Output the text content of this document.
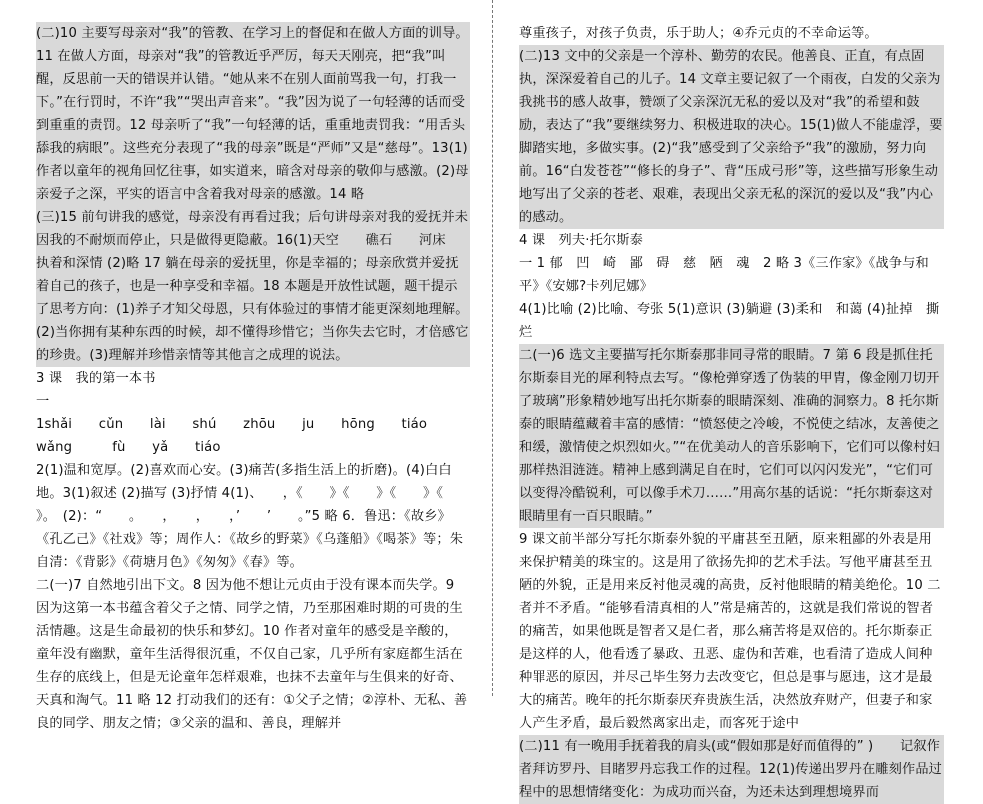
(二)10 主要写母亲对“我”的管教、在学习上的督促和在做人方面的训导。11 在做人方面，母亲对“我”的管教近乎严厉，每天天刚亮，把“我”叫醒，反思前一天的错误并认错。“她从来不在别人面前骂我一句，打我一下。”在行罚时，不许“我”“哭出声音来”。“我”因为说了一句轻薄的话而受到重重的责罚。12 母亲听了“我”一句轻薄的话，重重地责罚我：“用舌头舔我的病眼”。这些充分表现了“我的母亲”既是“严师”又是“慈母”。13(1)作者以童年的视角回忆往事，如实道来，暗含对母亲的敬仰与感激。(2)母亲爱子之深，平实的语言中含着我对母亲的感激。14 略

(三)15 前句讲我的感觉，母亲没有再看过我；后句讲母亲对我的爱抚并未因我的不耐烦而停止，只是做得更隐蔽。16(1)天空　　礁石　　河床　　执着和深情 (2)略 17 躺在母亲的爱抚里，你是幸福的；母亲欣赏并爱抚着自己的孩子，也是一种享受和幸福。18 本题是开放性试题，题干提示了思考方向：(1)养子才知父母恩，只有体验过的事情才能更深刻地理解。(2)当你拥有某种东西的时候，却不懂得珍惜它；当你失去它时，才倍感它的珍贵。(3)理解并珍惜亲情等其他言之成理的说法。

3 课　我的第一本书

一

1shǎi　　cǔn　　lài　　shú　　zhōu　　ju　　hōng　　tiáo

wǎng　　　fù　　yǎ　　tiáo

2(1)温和宽厚。(2)喜欢而心安。(3)痛苦(多指生活上的折磨)。(4)白白地。3(1)叙述 (2)描写 (3)抒情 4(1)、　　，《　　》《　　》《　　》《　　》。　(2)：“　　。　　，　　，　　，’　　’　　。”5 略 6．鲁迅：《故乡》《孔乙己》《社戏》等；周作人：《故乡的野菜》《乌蓬船》《喝茶》等；朱自清：《背影》《荷塘月色》《匆匆》《春》等。

二(一)7 自然地引出下文。8 因为他不想让元贞由于没有课本而失学。9 因为这第一本书蕴含着父子之情、同学之情，乃至那困难时期的可贵的生活情趣。这是生命最初的快乐和梦幻。10 作者对童年的感受是辛酸的，童年没有幽默，童年生活得很沉重，不仅自己家，几乎所有家庭都生活在生存的底线上，但是无论童年怎样艰难，也抹不去童年与生俱来的好奇、天真和淘气。11 略 12 打动我们的还有：①父子之情；②淳朴、无私、善良的同学、朋友之情；③父亲的温和、善良，理解并

尊重孩子，对孩子负责，乐于助人；④乔元贞的不幸命运等。

(二)13 文中的父亲是一个淳朴、勤劳的农民。他善良、正直，有点固执，深深爱着自己的儿子。14 文章主要记叙了一个雨夜，白发的父亲为我挑书的感人故事，赞颂了父亲深沉无私的爱以及对“我”的希望和鼓励，表达了“我”要继续努力、积极进取的决心。15(1)做人不能虚浮，要脚踏实地，多做实事。(2)“我”感受到了父亲给予“我”的激励，努力向前。16“白发苍苍”“修长的身子”、背“压成弓形”等，这些描写形象生动地写出了父亲的苍老、艰难，表现出父亲无私的深沉的爱以及“我”内心的感动。

4 课　列夫·托尔斯泰

一 1 郁　凹　崎　鄙　碍　慈　陋　魂　2 略 3《三作家》《战争与和平》《安娜?卡列尼娜》

4(1)比喻 (2)比喻、夸张 5(1)意识 (3)躺避 (3)柔和　和蔼 (4)扯掉　撕烂

二(一)6 选文主要描写托尔斯泰那非同寻常的眼睛。7 第 6 段是抓住托尔斯泰目光的犀利特点去写。“像枪弹穿透了伪装的甲胄，像金刚刀切开了玻璃”形象精妙地写出托尔斯泰的眼睛深刻、准确的洞察力。8 托尔斯泰的眼睛蕴藏着丰富的感情：“愤怒使之冷峻，不悦使之结冰，友善使之和缓，激情使之炽烈如火。”“在优美动人的音乐影响下，它们可以像村妇那样热泪涟涟。精神上感到满足自在时，它们可以闪闪发光”，“它们可以变得冷酷锐利，可以像手术刀……”用高尔基的话说：“托尔斯泰这对眼睛里有一百只眼睛。”

9 课文前半部分写托尔斯泰外貌的平庸甚至丑陋，原来粗鄙的外表是用来保护精美的珠宝的。这是用了欲扬先抑的艺术手法。写他平庸甚至丑陋的外貌，正是用来反衬他灵魂的高贵，反衬他眼睛的精美绝伦。10 二者并不矛盾。“能够看清真相的人”常是痛苦的，这就是我们常说的智者的痛苦，如果他既是智者又是仁者，那么痛苦将是双倍的。托尔斯泰正是这样的人，他看透了暴政、丑恶、虚伪和苦难，也看清了造成人间种种罪恶的原因，并尽己毕生努力去改变它，但总是事与愿违，这才是最大的痛苦。晚年的托尔斯泰厌弃贵族生活，决然放弃财产，但妻子和家人产生矛盾，最后毅然离家出走，而客死于途中

(二)11 有一晚用手抚着我的肩头(或“假如那是好而值得的” )　　记叙作者拜访罗丹、目睹罗丹忘我工作的过程。12(1)传递出罗丹在雕刻作品过程中的思想情绪变化：为成功而兴奋，为还未达到理想境界而
